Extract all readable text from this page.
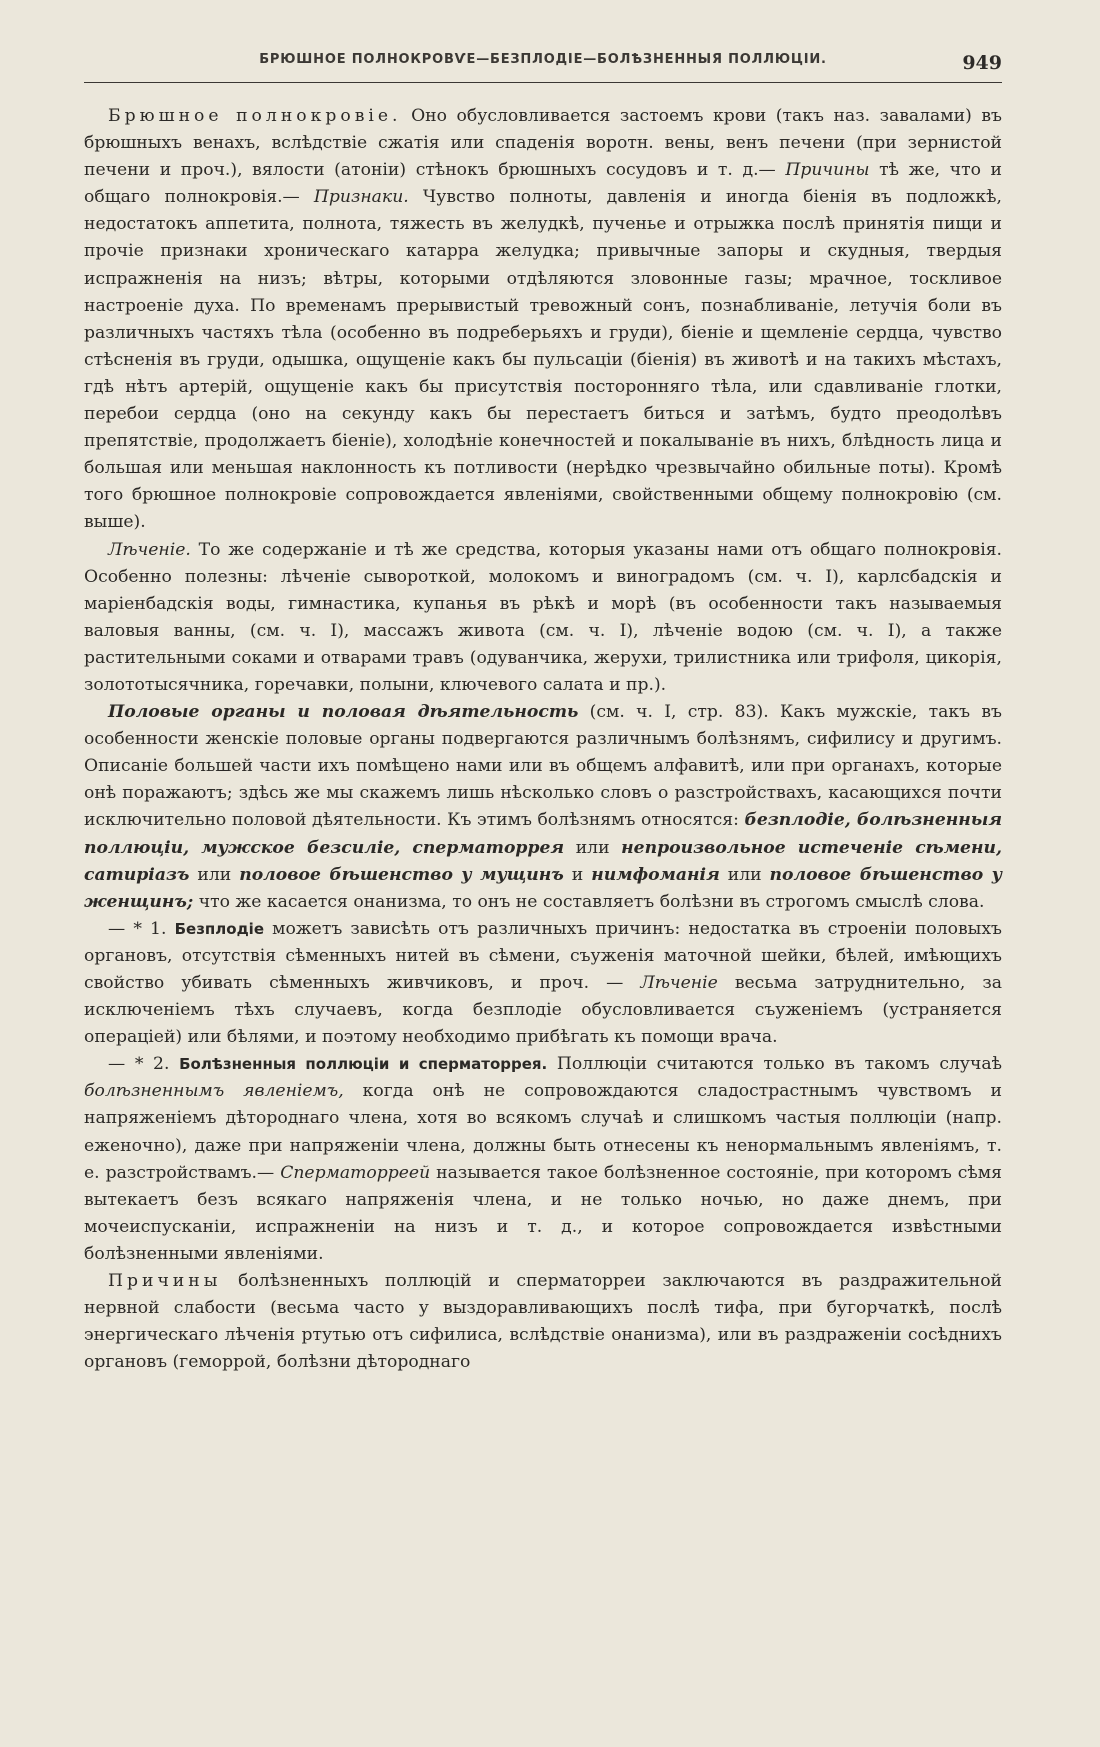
БРЮШНОЕ ПОЛНОКРОВѴЕ—БЕЗПЛОДІЕ—БОЛѢЗНЕННЫЯ ПОЛЛЮЦІИ.	949

Брюшное полнокровіе. Оно обусловливается застоемъ крови (такъ наз. завалами) въ брюшныхъ венахъ, вслѣдствіе сжатія или спаденія воротн. вены, венъ печени (при зернистой печени и проч.), вялости (атоніи) стѣнокъ брюшныхъ сосудовъ и т. д.— Причины тѣ же, что и общаго полнокровія.— Признаки. Чувство полноты, давленія и иногда біенія въ подложкѣ, недостатокъ аппетита, полнота, тяжесть въ желудкѣ, пученье и отрыжка послѣ принятія пищи и прочіе признаки хроническаго катарра желудка; привычные запоры и скудныя, твердыя испражненія на низъ; вѣтры, которыми отдѣляются зловонные газы; мрачное, тоскливое настроеніе духа. По временамъ прерывистый тревожный сонъ, познабливаніе, летучія боли въ различныхъ частяхъ тѣла (особенно въ подреберьяхъ и груди), біеніе и щемленіе сердца, чувство стѣсненія въ груди, одышка, ощущеніе какъ бы пульсаціи (біенія) въ животѣ и на такихъ мѣстахъ, гдѣ нѣтъ артерій, ощущеніе какъ бы присутствія посторонняго тѣла, или сдавливаніе глотки, перебои сердца (оно на секунду какъ бы перестаетъ биться и затѣмъ, будто преодолѣвъ препятствіе, продолжаетъ біеніе), холодѣніе конечностей и покалываніе въ нихъ, блѣдность лица и большая или меньшая наклонность къ потливости (нерѣдко чрезвычайно обильные поты). Кромѣ того брюшное полнокровіе сопровождается явленіями, свойственными общему полнокровію (см. выше).

Лѣченіе. То же содержаніе и тѣ же средства, которыя указаны нами отъ общаго полнокровія. Особенно полезны: лѣченіе сывороткой, молокомъ и виноградомъ (см. ч. I), карлсбадскія и маріенбадскія воды, гимнастика, купанья въ рѣкѣ и морѣ (въ особенности такъ называемыя валовыя ванны, (см. ч. I), массажъ живота (см. ч. I), лѣченіе водою (см. ч. I), а также растительными соками и отварами травъ (одуванчика, жерухи, трилистника или трифоля, цикорія, золототысячника, горечавки, полыни, ключевого салата и пр.).

Половые органы и половая дѣятельность (см. ч. I, стр. 83). Какъ мужскіе, такъ въ особенности женскіе половые органы подвергаются различнымъ болѣзнямъ, сифилису и другимъ. Описаніе большей части ихъ помѣщено нами или въ общемъ алфавитѣ, или при органахъ, которые онѣ поражаютъ; здѣсь же мы скажемъ лишь нѣсколько словъ о разстройствахъ, касающихся почти исключительно половой дѣятельности. Къ этимъ болѣзнямъ относятся: безплодіе, болѣзненныя поллюціи, мужское безсиліе, сперматоррея или непроизвольное истеченіе сѣмени, сатиріазъ или половое бѣшенство у мущинъ и нимфоманія или половое бѣшенство у женщинъ; что же касается онанизма, то онъ не составляетъ болѣзни въ строгомъ смыслѣ слова.

— * 1. Безплодіе можетъ зависѣть отъ различныхъ причинъ: недостатка въ строеніи половыхъ органовъ, отсутствія сѣменныхъ нитей въ сѣмени, съуженія маточной шейки, бѣлей, имѣющихъ свойство убивать сѣменныхъ живчиковъ, и проч. — Лѣченіе весьма затруднительно, за исключеніемъ тѣхъ случаевъ, когда безплодіе обусловливается съуженіемъ (устраняется операціей) или бѣлями, и поэтому необходимо прибѣгать къ помощи врача.

— * 2. Болѣзненныя поллюціи и сперматоррея. Поллюціи считаются только въ такомъ случаѣ болѣзненнымъ явленіемъ, когда онѣ не сопровождаются сладострастнымъ чувствомъ и напряженіемъ дѣтороднаго члена, хотя во всякомъ случаѣ и слишкомъ частыя поллюціи (напр. еженочно), даже при напряженіи члена, должны быть отнесены къ ненормальнымъ явленіямъ, т. е. разстройствамъ.— Сперматорреей называется такое болѣзненное состояніе, при которомъ сѣмя вытекаетъ безъ всякаго напряженія члена, и не только ночью, но даже днемъ, при мочеиспусканіи, испражненіи на низъ и т. д., и которое сопровождается извѣстными болѣзненными явленіями.

Причины болѣзненныхъ поллюцій и сперматорреи заключаются въ раздражительной нервной слабости (весьма часто у выздоравливающихъ послѣ тифа, при бугорчаткѣ, послѣ энергическаго лѣченія ртутью отъ сифилиса, вслѣдствіе онанизма), или въ раздраженіи сосѣднихъ органовъ (геморрой, болѣзни дѣтороднаго
